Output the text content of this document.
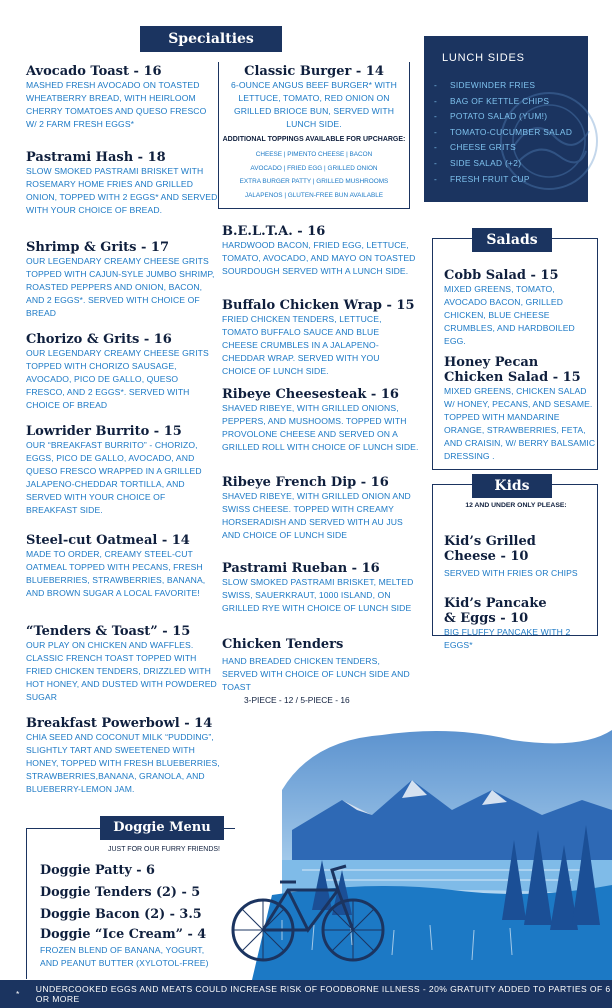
Specialties
Avocado Toast - 16
MASHED FRESH AVOCADO ON TOASTED WHEATBERRY BREAD, WITH HEIRLOOM CHERRY TOMATOES AND QUESO FRESCO W/ 2 FARM FRESH EGGS*
Pastrami Hash - 18
SLOW SMOKED PASTRAMI BRISKET WITH ROSEMARY HOME FRIES AND GRILLED ONION, TOPPED WITH 2 EGGS* AND SERVED WITH YOUR CHOICE OF BREAD.
Shrimp & Grits - 17
OUR LEGENDARY CREAMY CHEESE GRITS TOPPED WITH CAJUN-SYLE JUMBO SHRIMP, ROASTED PEPPERS AND ONION, BACON, AND 2 EGGS*. SERVED WITH CHOICE OF BREAD
Chorizo & Grits - 16
OUR LEGENDARY CREAMY CHEESE GRITS TOPPED WITH CHORIZO SAUSAGE, AVOCADO, PICO DE GALLO, QUESO FRESCO, AND 2 EGGS*. SERVED WITH CHOICE OF BREAD
Lowrider Burrito - 15
OUR “BREAKFAST BURRITO” - CHORIZO, EGGS, PICO DE GALLO, AVOCADO, AND QUESO FRESCO WRAPPED IN A GRILLED JALAPENO-CHEDDAR TORTILLA, AND SERVED WITH YOUR CHOICE OF BREAKFAST SIDE.
Steel-cut Oatmeal - 14
MADE TO ORDER, CREAMY STEEL-CUT OATMEAL TOPPED WITH PECANS, FRESH BLUEBERRIES, STRAWBERRIES, BANANA, AND BROWN SUGAR A LOCAL FAVORITE!
“Tenders & Toast” - 15
OUR PLAY ON CHICKEN AND WAFFLES. CLASSIC FRENCH TOAST TOPPED WITH FRIED CHICKEN TENDERS, DRIZZLED WITH HOT HONEY, AND DUSTED WITH POWDERED SUGAR
Breakfast Powerbowl - 14
CHIA SEED AND COCONUT MILK “PUDDING”, SLIGHTLY TART AND SWEETENED WITH HONEY, TOPPED WITH FRESH BLUEBERRIES, STRAWBERRIES,BANANA, GRANOLA, AND BLUEBERRY-LEMON JAM.
Classic Burger - 14
6-OUNCE ANGUS BEEF BURGER* WITH LETTUCE, TOMATO, RED ONION ON GRILLED BRIOCE BUN, SERVED WITH LUNCH SIDE.
ADDITIONAL TOPPINGS AVAILABLE FOR UPCHARGE:
CHEESE | PIMENTO CHEESE | BACON
AVOCADO | FRIED EGG | GRILLED ONION
EXTRA BURGER PATTY | GRILLED MUSHROOMS
JALAPENOS | GLUTEN-FREE BUN AVAILABLE
B.E.L.T.A. - 16
HARDWOOD BACON, FRIED EGG, LETTUCE, TOMATO, AVOCADO, AND MAYO ON TOASTED SOURDOUGH SERVED WITH A LUNCH SIDE.
Buffalo Chicken Wrap - 15
FRIED CHICKEN TENDERS, LETTUCE, TOMATO BUFFALO SAUCE AND BLUE CHEESE CRUMBLES IN A JALAPENO-CHEDDAR WRAP. SERVED WITH YOU CHOICE OF LUNCH SIDE.
Ribeye Cheesesteak - 16
SHAVED RIBEYE, WITH GRILLED ONIONS, PEPPERS, AND MUSHOOMS. TOPPED WITH PROVOLONE CHEESE AND SERVED ON A GRILLED ROLL WITH CHOICE OF LUNCH SIDE.
Ribeye French Dip - 16
SHAVED RIBEYE, WITH GRILLED ONION AND SWISS CHEESE. TOPPED WITH CREAMY HORSERADISH AND SERVED WITH AU JUS AND CHOICE OF LUNCH SIDE
Pastrami Rueban - 16
SLOW SMOKED PASTRAMI BRISKET, MELTED SWISS, SAUERKRAUT, 1000 ISLAND, ON GRILLED RYE WITH CHOICE OF LUNCH SIDE
Chicken Tenders
HAND BREADED CHICKEN TENDERS, SERVED WITH CHOICE OF LUNCH SIDE AND TOAST
3-PIECE - 12 / 5-PIECE - 16
LUNCH SIDES
- SIDEWINDER FRIES
- BAG OF KETTLE CHIPS
- POTATO SALAD (YUM!)
- TOMATO-CUCUMBER SALAD
- CHEESE GRITS
- SIDE SALAD (+2)
- FRESH FRUIT CUP
Salads
Cobb Salad - 15
MIXED GREENS, TOMATO, AVOCADO BACON, GRILLED CHICKEN, BLUE CHEESE CRUMBLES, AND HARDBOILED EGG.
Honey Pecan
Chicken Salad - 15
MIXED GREENS, CHICKEN SALAD W/ HONEY, PECANS, AND SESAME. TOPPED WITH MANDARINE ORANGE, STRAWBERRIES, FETA, AND CRAISIN, W/ BERRY BALSAMIC DRESSING .
Kids
12 AND UNDER ONLY PLEASE:
Kid’s Grilled
Cheese - 10
SERVED WITH FRIES OR CHIPS
Kid’s Pancake
& Eggs - 10
BIG FLUFFY PANCAKE WITH 2 EGGS*
Doggie Menu
JUST FOR OUR FURRY FRIENDS!
Doggie Patty - 6
Doggie Tenders (2) - 5
Doggie Bacon (2) - 3.5
Doggie “Ice Cream” - 4
FROZEN BLEND OF BANANA, YOGURT, AND PEANUT BUTTER (XYLOTOL-FREE)
* UNDERCOOKED EGGS AND MEATS COULD INCREASE RISK OF FOODBORNE ILLNESS - 20% GRATUITY ADDED TO PARTIES OF 6 OR MORE
